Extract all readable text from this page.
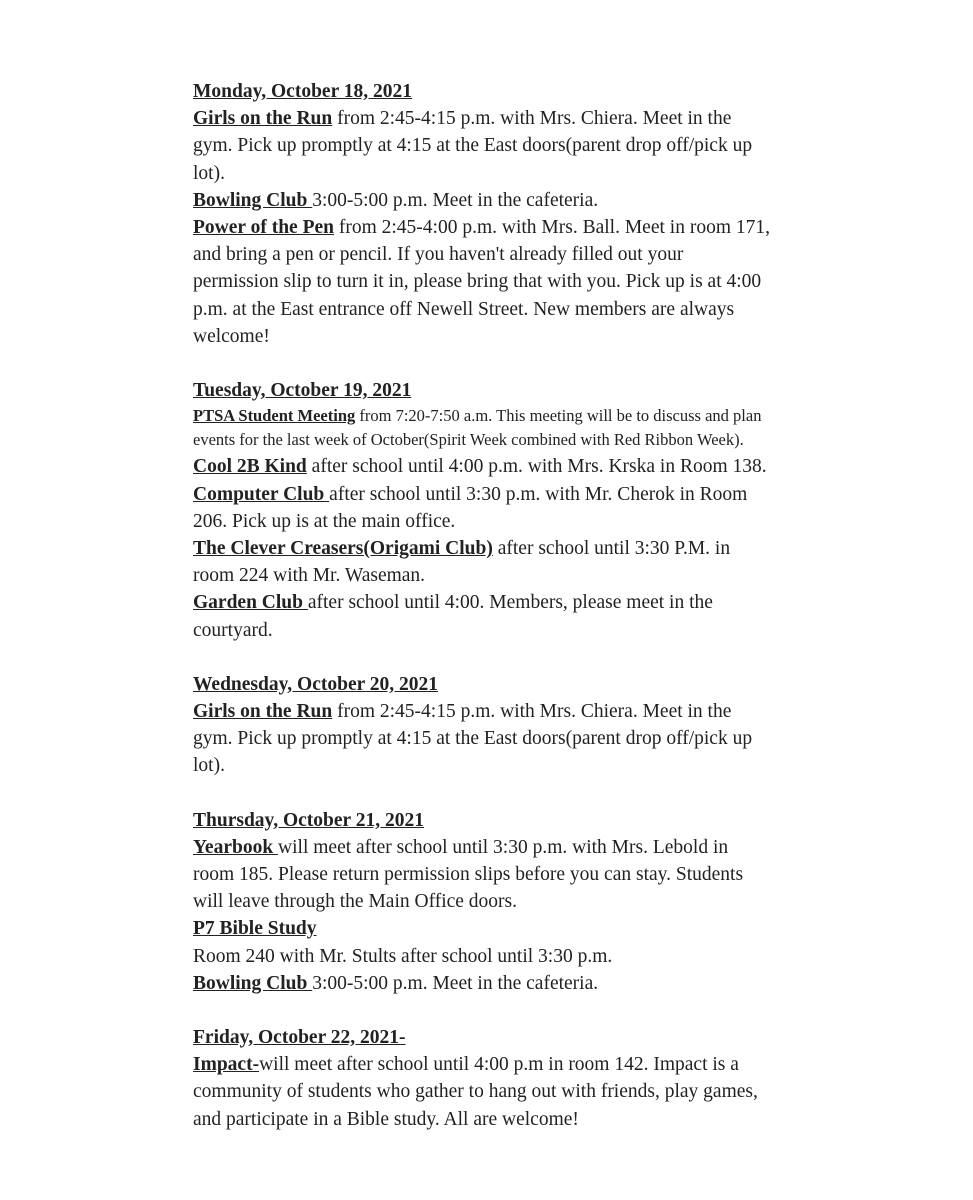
Monday, October 18, 2021

Girls on the Run from 2:45-4:15 p.m. with Mrs. Chiera. Meet in the gym. Pick up promptly at 4:15 at the East doors(parent drop off/pick up lot).

Bowling Club 3:00-5:00 p.m. Meet in the cafeteria.

Power of the Pen from 2:45-4:00 p.m. with Mrs. Ball. Meet in room 171, and bring a pen or pencil. If you haven't already filled out your permission slip to turn it in, please bring that with you. Pick up is at 4:00 p.m. at the East entrance off Newell Street. New members are always welcome!

Tuesday, October 19, 2021

PTSA Student Meeting from 7:20-7:50 a.m. This meeting will be to discuss and plan events for the last week of October(Spirit Week combined with Red Ribbon Week).

Cool 2B Kind after school until 4:00 p.m. with Mrs. Krska in Room 138.

Computer Club after school until 3:30 p.m. with Mr. Cherok in Room 206. Pick up is at the main office.

The Clever Creasers(Origami Club) after school until 3:30 P.M. in room 224 with Mr. Waseman.

Garden Club after school until 4:00. Members, please meet in the courtyard.

Wednesday, October 20, 2021

Girls on the Run from 2:45-4:15 p.m. with Mrs. Chiera. Meet in the gym. Pick up promptly at 4:15 at the East doors(parent drop off/pick up lot).

Thursday, October 21, 2021

Yearbook will meet after school until 3:30 p.m. with Mrs. Lebold in room 185. Please return permission slips before you can stay. Students will leave through the Main Office doors.

P7 Bible Study

Room 240 with Mr. Stults after school until 3:30 p.m.

Bowling Club 3:00-5:00 p.m. Meet in the cafeteria.

Friday, October 22, 2021-

Impact-will meet after school until 4:00 p.m in room 142. Impact is a community of students who gather to hang out with friends, play games, and participate in a Bible study. All are welcome!
